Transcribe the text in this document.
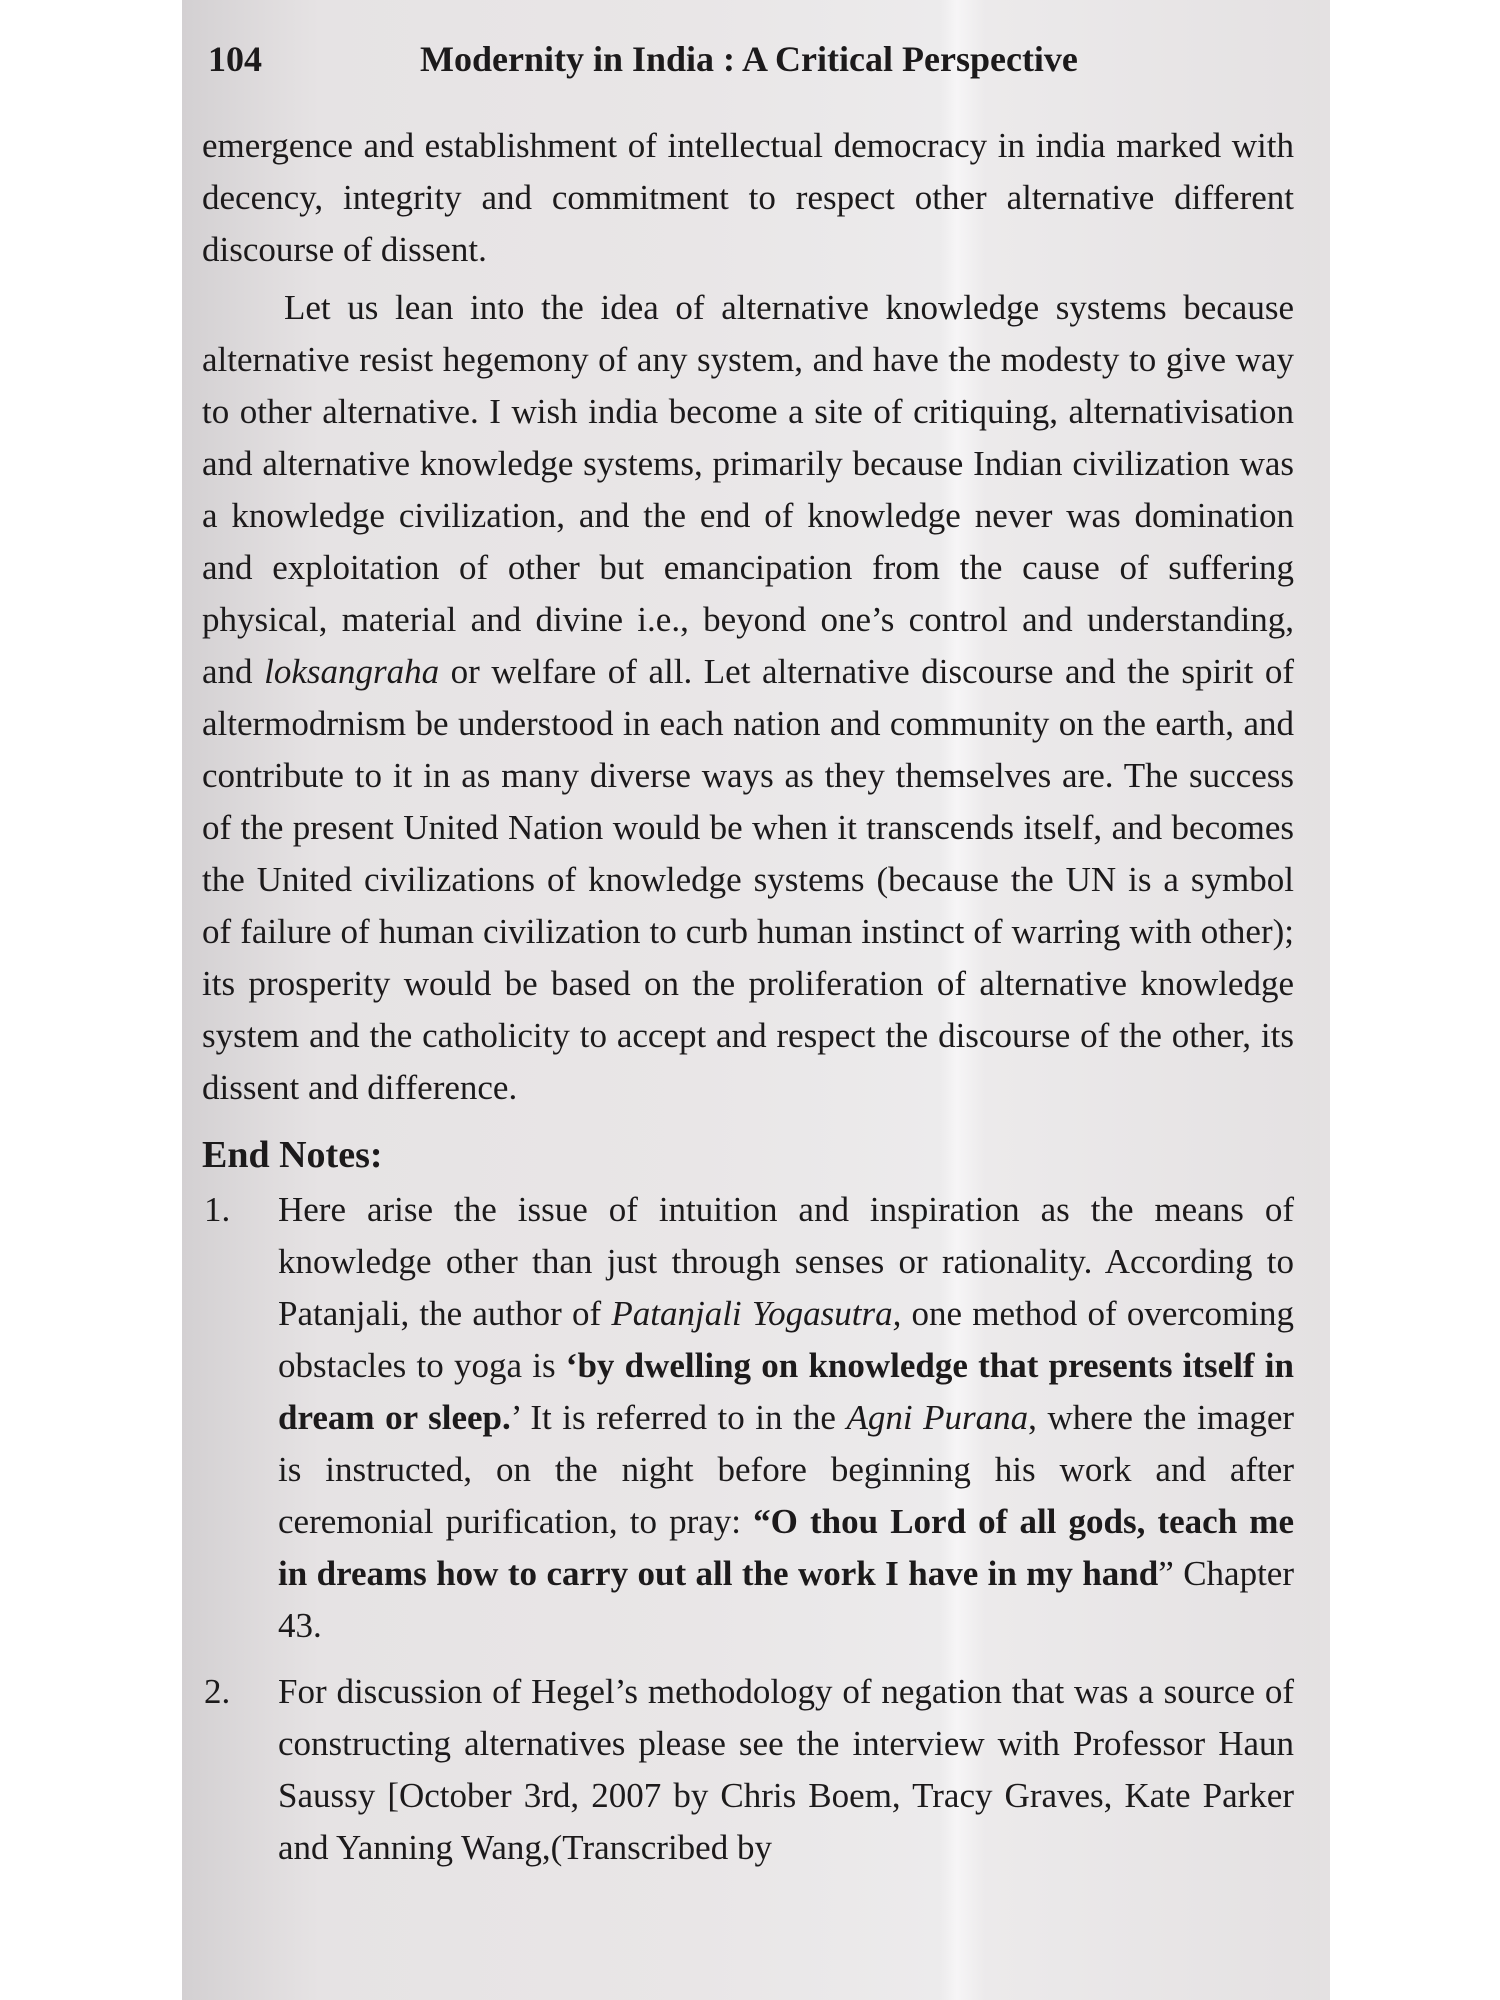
104	Modernity in India : A Critical Perspective

emergence and establishment of intellectual democracy in india marked with decency, integrity and commitment to respect other alternative different discourse of dissent.

Let us lean into the idea of alternative knowledge systems because alternative resist hegemony of any system, and have the modesty to give way to other alternative. I wish india become a site of critiquing, alternativisation and alternative knowledge systems, primarily because Indian civilization was a knowledge civilization, and the end of knowledge never was domination and exploitation of other but emancipation from the cause of suffering physical, material and divine i.e., beyond one’s control and understanding, and loksangraha or welfare of all. Let alternative discourse and the spirit of altermodrnism be understood in each nation and community on the earth, and contribute to it in as many diverse ways as they themselves are. The success of the present United Nation would be when it transcends itself, and becomes the United civilizations of knowledge systems (because the UN is a symbol of failure of human civilization to curb human instinct of warring with other); its prosperity would be based on the proliferation of alternative knowledge system and the catholicity to accept and respect the discourse of the other, its dissent and difference.

End Notes:

1. Here arise the issue of intuition and inspiration as the means of knowledge other than just through senses or rationality. According to Patanjali, the author of Patanjali Yogasutra, one method of overcoming obstacles to yoga is ‘by dwelling on knowledge that presents itself in dream or sleep.’ It is referred to in the Agni Purana, where the imager is instructed, on the night before beginning his work and after ceremonial purification, to pray: “O thou Lord of all gods, teach me in dreams how to carry out all the work I have in my hand” Chapter 43.

2. For discussion of Hegel’s methodology of negation that was a source of constructing alternatives please see the interview with Professor Haun Saussy [October 3rd, 2007 by Chris Boem, Tracy Graves, Kate Parker and Yanning Wang,(Transcribed by
